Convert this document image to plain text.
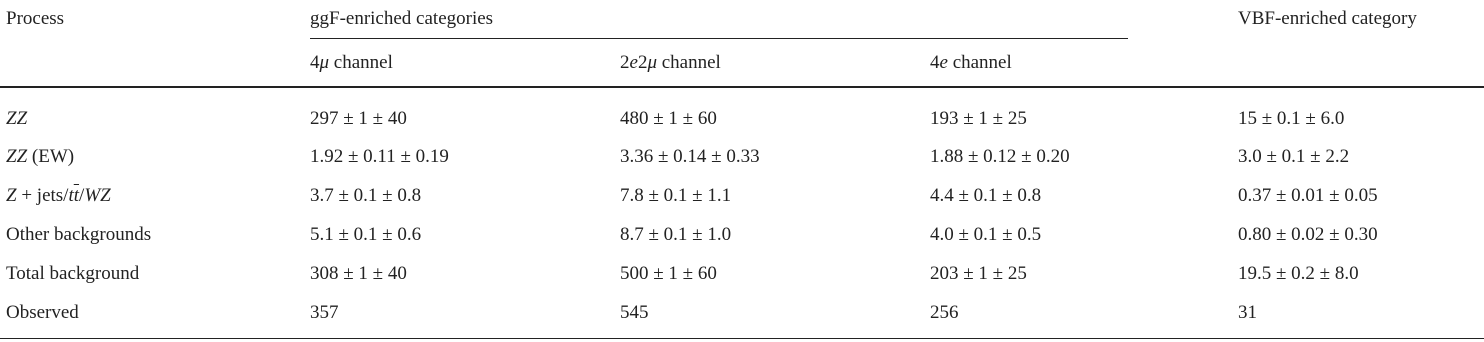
Process	ggF-enriched categories	VBF-enriched category
4μ channel	2e2μ channel	4e channel
ZZ	297 ± 1 ± 40	480 ± 1 ± 60	193 ± 1 ± 25	15 ± 0.1 ± 6.0
ZZ (EW)	1.92 ± 0.11 ± 0.19	3.36 ± 0.14 ± 0.33	1.88 ± 0.12 ± 0.20	3.0 ± 0.1 ± 2.2
Z + jets/$t\overline{t}/WZ$	3.7 ± 0.1 ± 0.8	7.8 ± 0.1 ± 1.1	4.4 ± 0.1 ± 0.8	0.37 ± 0.01 ± 0.05
Other backgrounds	5.1 ± 0.1 ± 0.6	8.7 ± 0.1 ± 1.0	4.0 ± 0.1 ± 0.5	0.80 ± 0.02 ± 0.30
Total background	308 ± 1 ± 40	500 ± 1 ± 60	203 ± 1 ± 25	19.5 ± 0.2 ± 8.0
Observed	357	545	256	31
